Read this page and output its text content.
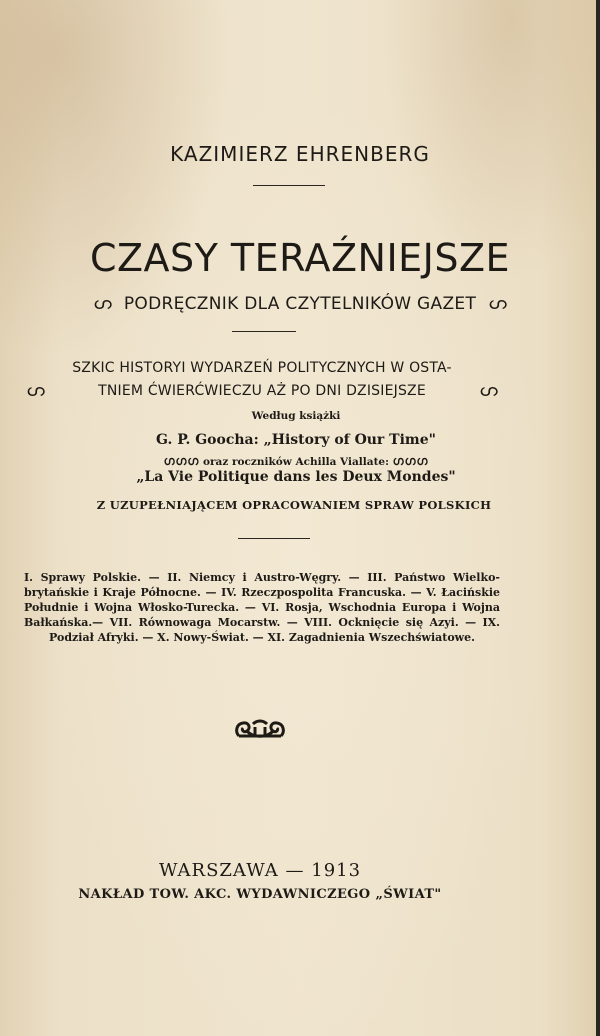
KAZIMIERZ EHRENBERG
CZASY TERAŹNIEJSZE
ഗ PODRĘCZNIK DLA CZYTELNIKÓW GAZET ഗ
SZKIC HISTORYI WYDARZEŃ POLITYCZNYCH W OSTA-
ഗ	TNIEM ĆWIERĆWIECZU AŻ PO DNI DZISIEJSZE	ഗ
Według książki
G. P. Goocha: „History of Our Time"
ഗഗഗ oraz roczników Achilla Viallate: ഗഗഗ
„La Vie Politique dans les Deux Mondes"
Z UZUPEŁNIAJĄCEM OPRACOWANIEM SPRAW POLSKICH
I. Sprawy Polskie. — II. Niemcy i Austro-Węgry. — III. Państwo Wielko-brytańskie i Kraje Północne. — IV. Rzeczpospolita Francuska. — V. Łacińskie Południe i Wojna Włosko-Turecka. — VI. Rosja, Wschodnia Europa i Wojna Bałkańska.— VII. Równowaga Mocarstw. — VIII. Ocknięcie się Azyi. — IX. Podział Afryki. — X. Nowy-Świat. — XI. Zagadnienia Wszechświatowe.
WARSZAWA — 1913
NAKŁAD TOW. AKC. WYDAWNICZEGO „ŚWIAT"
